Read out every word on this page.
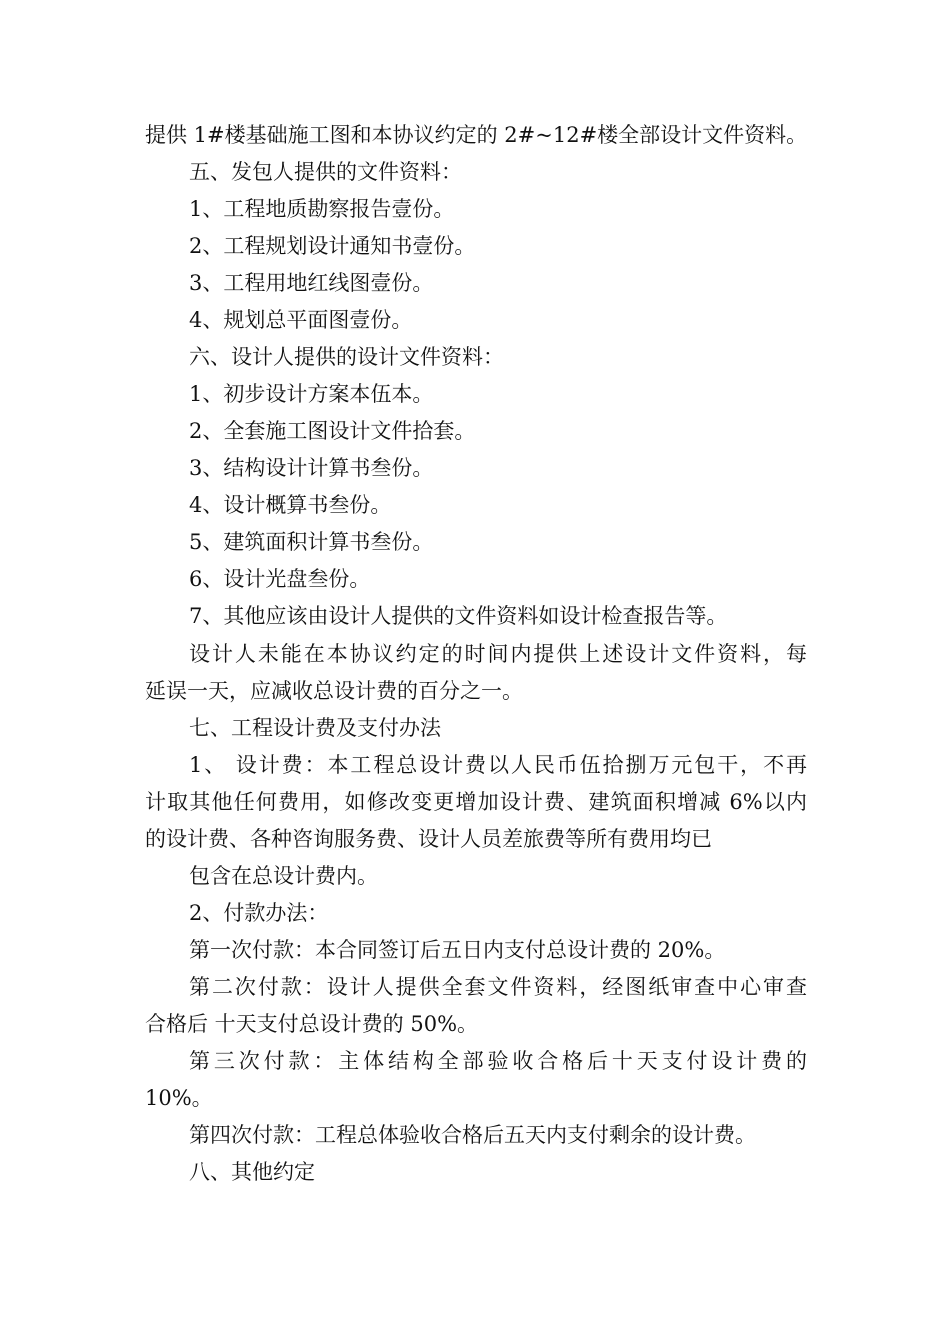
提供 1#楼基础施工图和本协议约定的 2#~12#楼全部设计文件资料。
五、发包人提供的文件资料：
1、工程地质勘察报告壹份。
2、工程规划设计通知书壹份。
3、工程用地红线图壹份。
4、规划总平面图壹份。
六、设计人提供的设计文件资料：
1、初步设计方案本伍本。
2、全套施工图设计文件拾套。
3、结构设计计算书叁份。
4、设计概算书叁份。
5、建筑面积计算书叁份。
6、设计光盘叁份。
7、其他应该由设计人提供的文件资料如设计检查报告等。
设计人未能在本协议约定的时间内提供上述设计文件资料，每
延误一天，应减收总设计费的百分之一。
七、工程设计费及支付办法
1、 设计费：本工程总设计费以人民币伍拾捌万元包干，不再
计取其他任何费用，如修改变更增加设计费、建筑面积增减 6%以内
的设计费、各种咨询服务费、设计人员差旅费等所有费用均已
包含在总设计费内。
2、付款办法：
第一次付款：本合同签订后五日内支付总设计费的 20%。
第二次付款：设计人提供全套文件资料，经图纸审查中心审查
合格后 十天支付总设计费的 50%。
第三次付款：主体结构全部验收合格后十天支付设计费的
10%。
第四次付款：工程总体验收合格后五天内支付剩余的设计费。
八、其他约定
